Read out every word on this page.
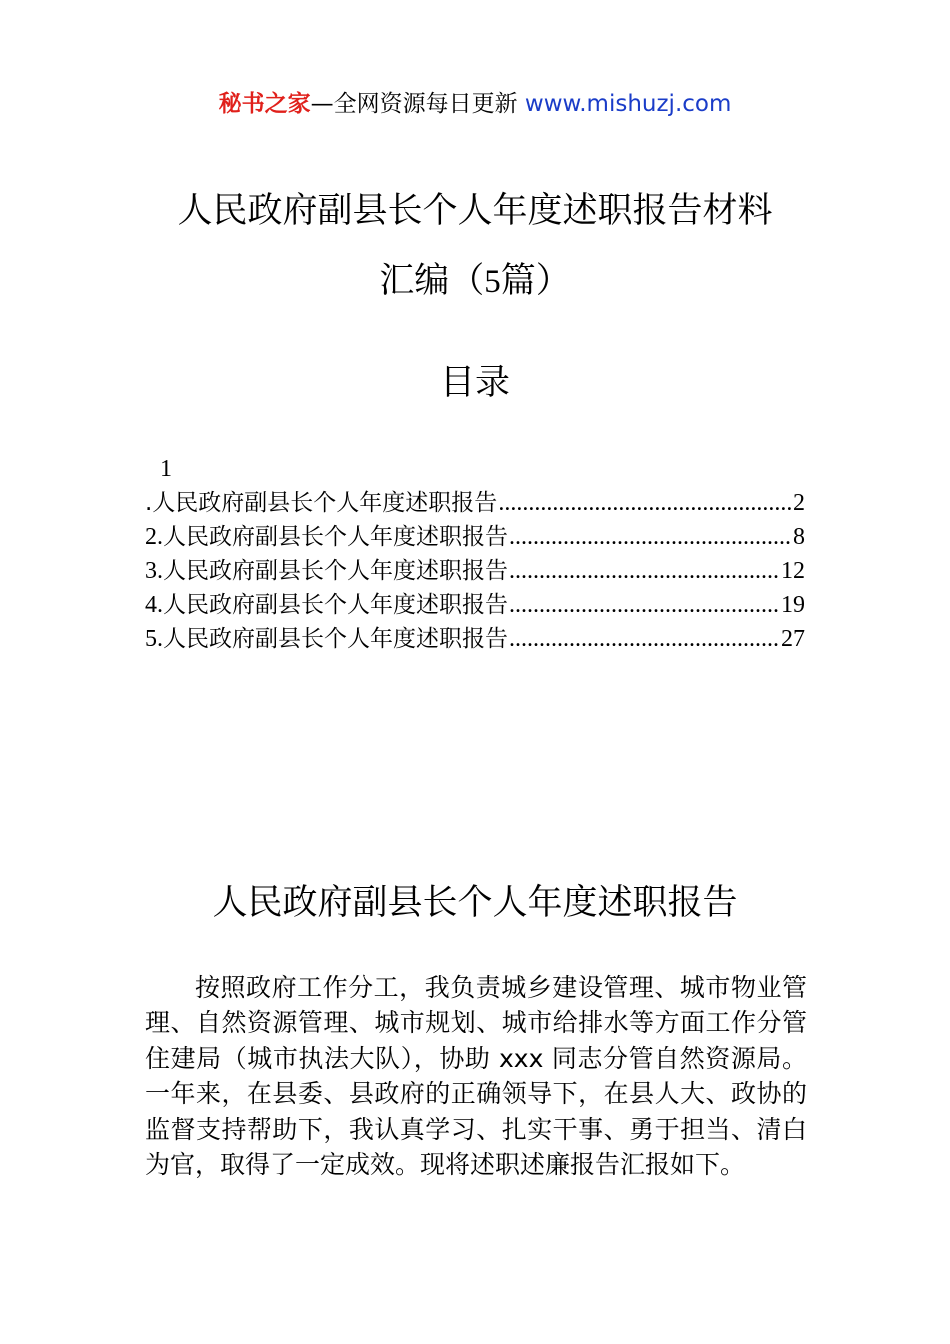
秘书之家—全网资源每日更新 www.mishuzj.com
人民政府副县长个人年度述职报告材料
汇编（5篇）
目录
1
.人民政府副县长个人年度述职报告 .....	2
2. 人民政府副县长个人年度述职报告 .....	8
3. 人民政府副县长个人年度述职报告 .....	12
4. 人民政府副县长个人年度述职报告 .....	19
5. 人民政府副县长个人年度述职报告 .....	27
人民政府副县长个人年度述职报告

按照政府工作分工，我负责城乡建设管理、城市物业管理、自然资源管理、城市规划、城市给排水等方面工作分管住建局（城市执法大队），协助 xxx 同志分管自然资源局。一年来，在县委、县政府的正确领导下，在县人大、政协的监督支持帮助下，我认真学习、扎实干事、勇于担当、清白为官，取得了一定成效。现将述职述廉报告汇报如下。
